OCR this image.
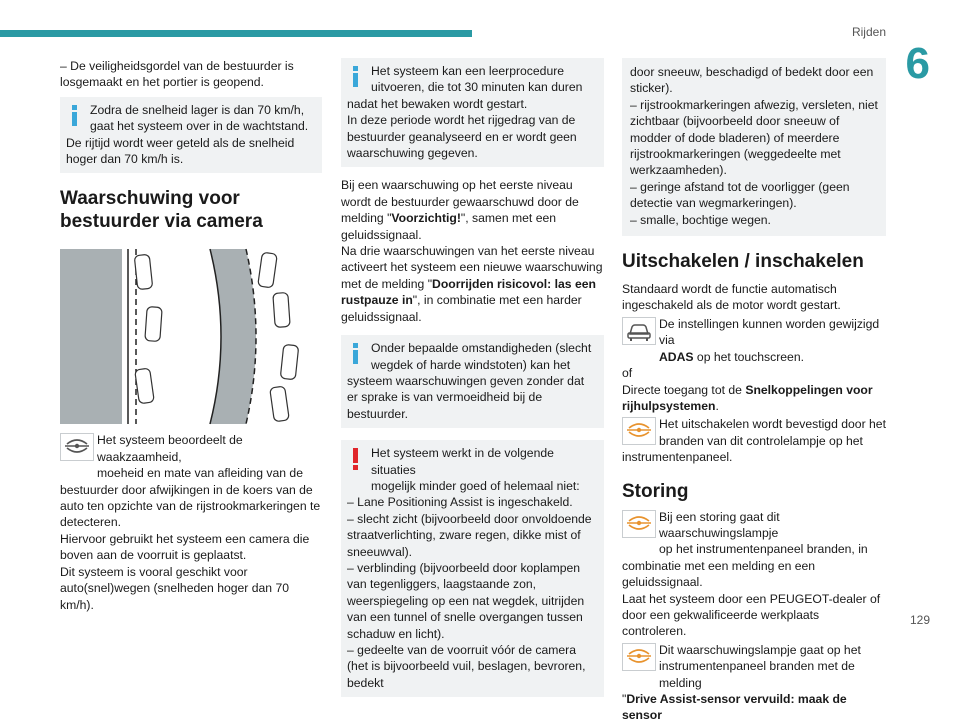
Rijden
6
129

– De veiligheidsgordel van de bestuurder is losgemaakt en het portier is geopend.

Zodra de snelheid lager is dan 70 km/h,

gaat het systeem over in de wachtstand.

De rijtijd wordt weer geteld als de snelheid hoger dan 70 km/h is.

Waarschuwing voor bestuurder via camera

Het systeem beoordeelt de waakzaamheid,

moeheid en mate van afleiding van de

bestuurder door afwijkingen in de koers van de auto ten opzichte van de rijstrookmarkeringen te detecteren.

Hiervoor gebruikt het systeem een camera die boven aan de voorruit is geplaatst.

Dit systeem is vooral geschikt voor auto(snel)wegen (snelheden hoger dan 70 km/h).

Het systeem kan een leerprocedure

uitvoeren, die tot 30 minuten kan duren

nadat het bewaken wordt gestart.

In deze periode wordt het rijgedrag van de bestuurder geanalyseerd en er wordt geen waarschuwing gegeven.

Bij een waarschuwing op het eerste niveau wordt de bestuurder gewaarschuwd door de melding "Voorzichtig!", samen met een geluidssignaal.

Na drie waarschuwingen van het eerste niveau activeert het systeem een nieuwe waarschuwing met de melding "Doorrijden risicovol: las een rustpauze in", in combinatie met een harder geluidssignaal.

Onder bepaalde omstandigheden (slecht

wegdek of harde windstoten) kan het

systeem waarschuwingen geven zonder dat er sprake is van vermoeidheid bij de bestuurder.

Het systeem werkt in de volgende situaties

mogelijk minder goed of helemaal niet:

– Lane Positioning Assist is ingeschakeld.

– slecht zicht (bijvoorbeeld door onvoldoende straatverlichting, zware regen, dikke mist of sneeuwval).

– verblinding (bijvoorbeeld door koplampen van tegenliggers, laagstaande zon, weerspiegeling op een nat wegdek, uitrijden van een tunnel of snelle overgangen tussen schaduw en licht).

– gedeelte van de voorruit vóór de camera (het is bijvoorbeeld vuil, beslagen, bevroren, bedekt

door sneeuw, beschadigd of bedekt door een sticker).

– rijstrookmarkeringen afwezig, versleten, niet zichtbaar (bijvoorbeeld door sneeuw of modder of dode bladeren) of meerdere rijstrookmarkeringen (weggedeelte met werkzaamheden).

– geringe afstand tot de voorligger (geen detectie van wegmarkeringen).

– smalle, bochtige wegen.

Uitschakelen / inschakelen

Standaard wordt de functie automatisch ingeschakeld als de motor wordt gestart.

De instellingen kunnen worden gewijzigd via

ADAS op het touchscreen.

of

Directe toegang tot de Snelkoppelingen voor rijhulpsystemen.

Het uitschakelen wordt bevestigd door het

branden van dit controlelampje op het

instrumentenpaneel.

Storing

Bij een storing gaat dit waarschuwingslampje

op het instrumentenpaneel branden, in

combinatie met een melding en een geluidssignaal.

Laat het systeem door een PEUGEOT-dealer of door een gekwalificeerde werkplaats controleren.

Dit waarschuwingslampje gaat op het

instrumentenpaneel branden met de melding

"Drive Assist-sensor vervuild: maak de sensor
